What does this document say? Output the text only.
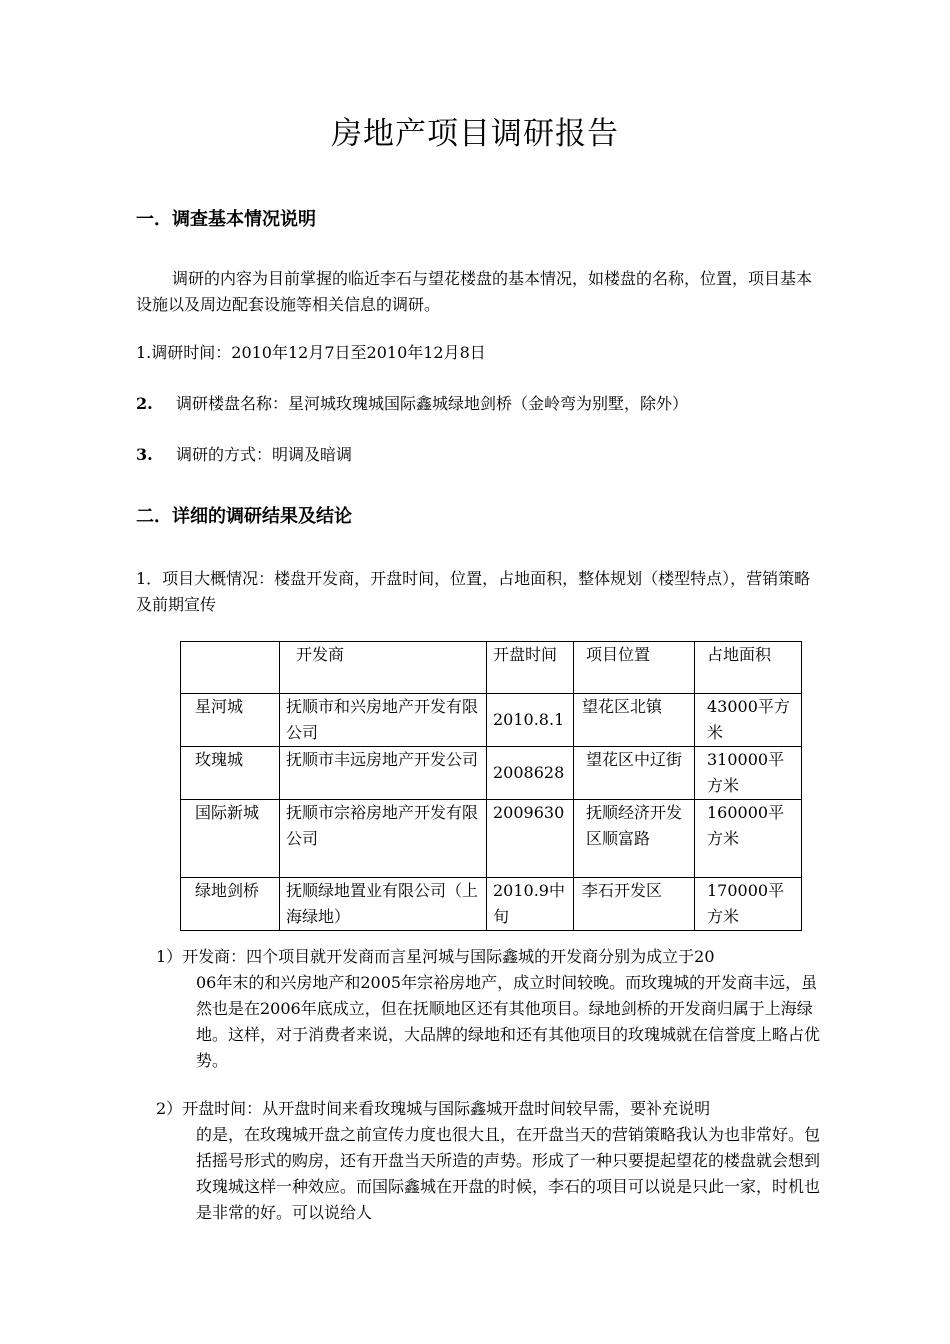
房地产项目调研报告
一．调查基本情况说明
调研的内容为目前掌握的临近李石与望花楼盘的基本情况，如楼盘的名称，位置，项目基本设施以及周边配套设施等相关信息的调研。
1.调研时间：2010年12月7日至2010年12月8日
2. 调研楼盘名称：星河城玫瑰城国际鑫城绿地剑桥（金岭弯为别墅，除外）
3. 调研的方式：明调及暗调
二．详细的调研结果及结论
1．项目大概情况：楼盘开发商，开盘时间，位置，占地面积，整体规划（楼型特点），营销策略及前期宣传
	开发商	开盘时间	项目位置	占地面积
星河城	抚顺市和兴房地产开发有限公司	2010.8.1	望花区北镇	43000平方米
玫瑰城	抚顺市丰远房地产开发公司	2008628	望花区中辽街	310000平方米
国际新城	抚顺市宗裕房地产开发有限公司	2009630	抚顺经济开发区顺富路	160000平方米
绿地剑桥	抚顺绿地置业有限公司（上海绿地）	2010.9中旬	李石开发区	170000平方米
1）开发商：四个项目就开发商而言星河城与国际鑫城的开发商分别为成立于20
06年末的和兴房地产和2005年宗裕房地产，成立时间较晚。而玫瑰城的开发商丰远，虽然也是在2006年底成立，但在抚顺地区还有其他项目。绿地剑桥的开发商归属于上海绿地。这样，对于消费者来说，大品牌的绿地和还有其他项目的玫瑰城就在信誉度上略占优势。
2）开盘时间：从开盘时间来看玫瑰城与国际鑫城开盘时间较早需，要补充说明
的是，在玫瑰城开盘之前宣传力度也很大且，在开盘当天的营销策略我认为也非常好。包括摇号形式的购房，还有开盘当天所造的声势。形成了一种只要提起望花的楼盘就会想到玫瑰城这样一种效应。而国际鑫城在开盘的时候，李石的项目可以说是只此一家，时机也是非常的好。可以说给人
